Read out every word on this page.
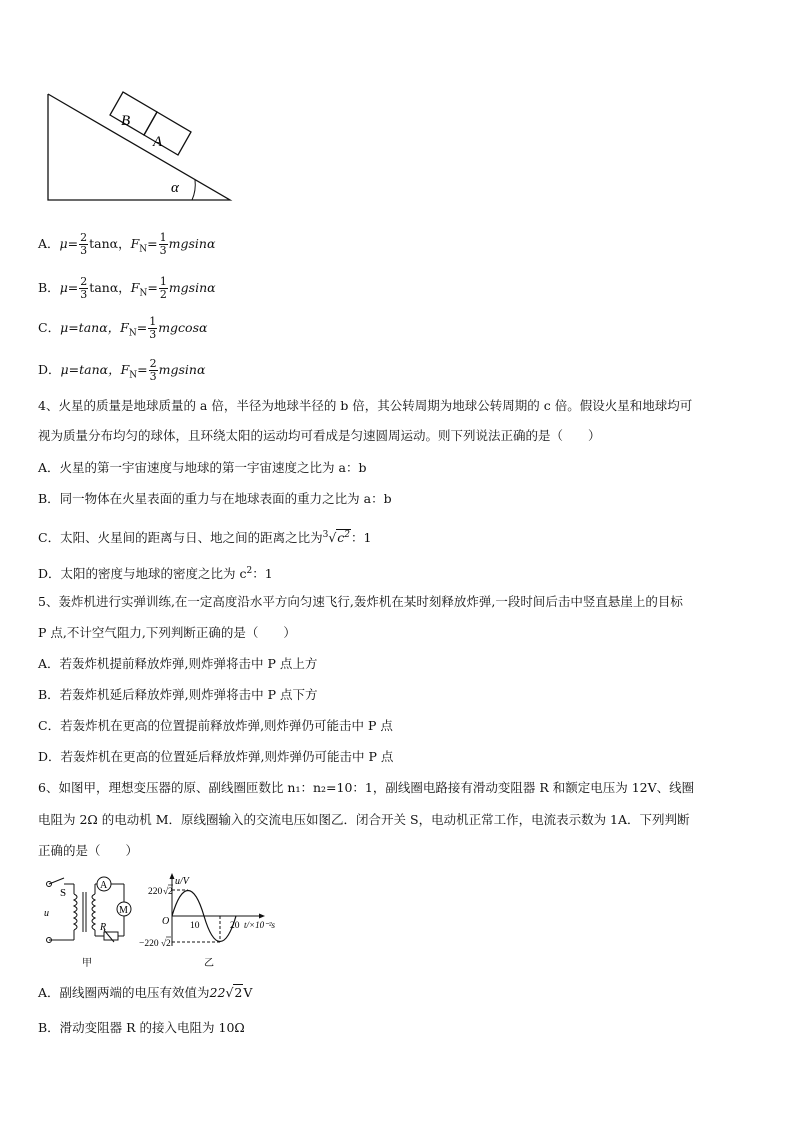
B
A
α
A．$\mu= \frac{2}{3}$ tanα，$F_N= \frac{1}{3}$ mgsinα
B．$\mu= \frac{2}{3}$ tanα，$F_N= \frac{1}{2}$ mgsinα
C．μ=tanα，$F_N= \frac{1}{3}$ mgcosα
D．μ=tanα，$F_N= \frac{2}{3}$ mgsinα
4、火星的质量是地球质量的 a 倍，半径为地球半径的 b 倍，其公转周期为地球公转周期的 c 倍。假设火星和地球均可
视为质量分布均匀的球体，且环绕太阳的运动均可看成是匀速圆周运动。则下列说法正确的是（　　）
A．火星的第一宇宙速度与地球的第一宇宙速度之比为 a：b
B．同一物体在火星表面的重力与在地球表面的重力之比为 a：b
C．太阳、火星间的距离与日、地之间的距离之比为$^3√c^2$：1
D．太阳的密度与地球的密度之比为 $c^2$：1
5、轰炸机进行实弹训练,在一定高度沿水平方向匀速飞行,轰炸机在某时刻释放炸弹,一段时间后击中竖直悬崖上的目标
P 点,不计空气阻力,下列判断正确的是（　　）
A．若轰炸机提前释放炸弹,则炸弹将击中 P 点上方
B．若轰炸机延后释放炸弹,则炸弹将击中 P 点下方
C．若轰炸机在更高的位置提前释放炸弹,则炸弹仍可能击中 P 点
D．若轰炸机在更高的位置延后释放炸弹,则炸弹仍可能击中 P 点
6、如图甲，理想变压器的原、副线圈匝数比 n₁：n₂=10：1，副线圈电路接有滑动变阻器 R 和额定电压为 12V、线圈
电阻为 2Ω 的电动机 M．原线圈输入的交流电压如图乙．闭合开关 S，电动机正常工作，电流表示数为 1A．下列判断
正确的是（　　）
S
A
M
R
u
甲
u/V
220 √ 2
−220 √ 2
O 10	20 t/×10⁻²s
乙
A．副线圈两端的电压有效值为22√2V
B．滑动变阻器 R 的接入电阻为 10Ω
